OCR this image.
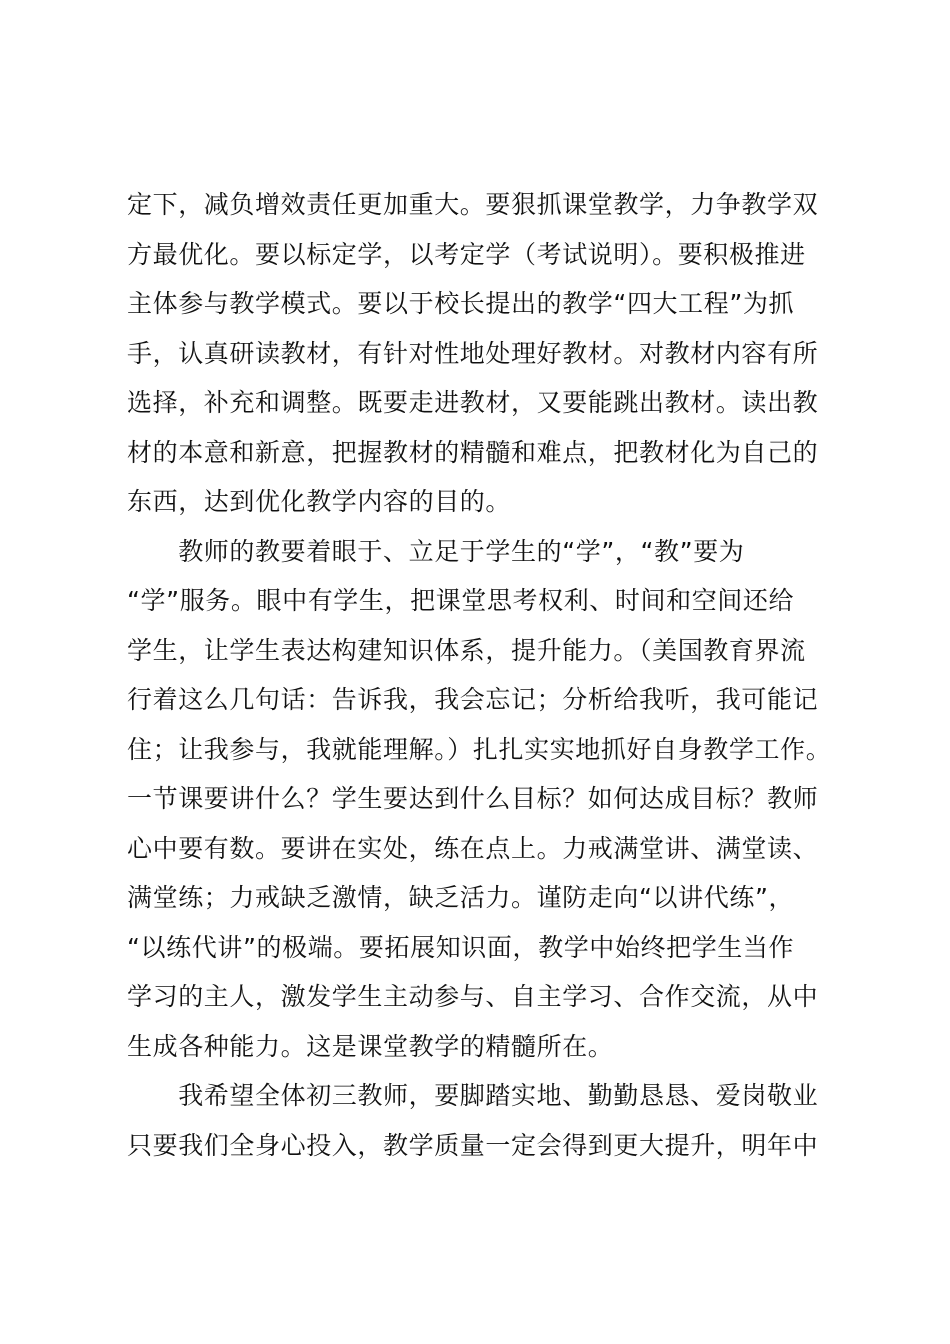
定下，减负增效责任更加重大。要狠抓课堂教学，力争教学双
方最优化。要以标定学，以考定学（考试说明）。要积极推进
主体参与教学模式。要以于校长提出的教学“四大工程”为抓
手，认真研读教材，有针对性地处理好教材。对教材内容有所
选择，补充和调整。既要走进教材，又要能跳出教材。读出教
材的本意和新意，把握教材的精髓和难点，把教材化为自己的
东西，达到优化教学内容的目的。
　　教师的教要着眼于、立足于学生的“学”，“教”要为
“学”服务。眼中有学生，把课堂思考权利、时间和空间还给
学生，让学生表达构建知识体系，提升能力。（美国教育界流
行着这么几句话：告诉我，我会忘记；分析给我听，我可能记
住；让我参与，我就能理解。）扎扎实实地抓好自身教学工作。
一节课要讲什么？学生要达到什么目标？如何达成目标？教师
心中要有数。要讲在实处，练在点上。力戒满堂讲、满堂读、
满堂练；力戒缺乏激情，缺乏活力。谨防走向“以讲代练”，
“以练代讲”的极端。要拓展知识面，教学中始终把学生当作
学习的主人，激发学生主动参与、自主学习、合作交流，从中
生成各种能力。这是课堂教学的精髓所在。
　　我希望全体初三教师，要脚踏实地、勤勤恳恳、爱岗敬业
只要我们全身心投入，教学质量一定会得到更大提升，明年中
